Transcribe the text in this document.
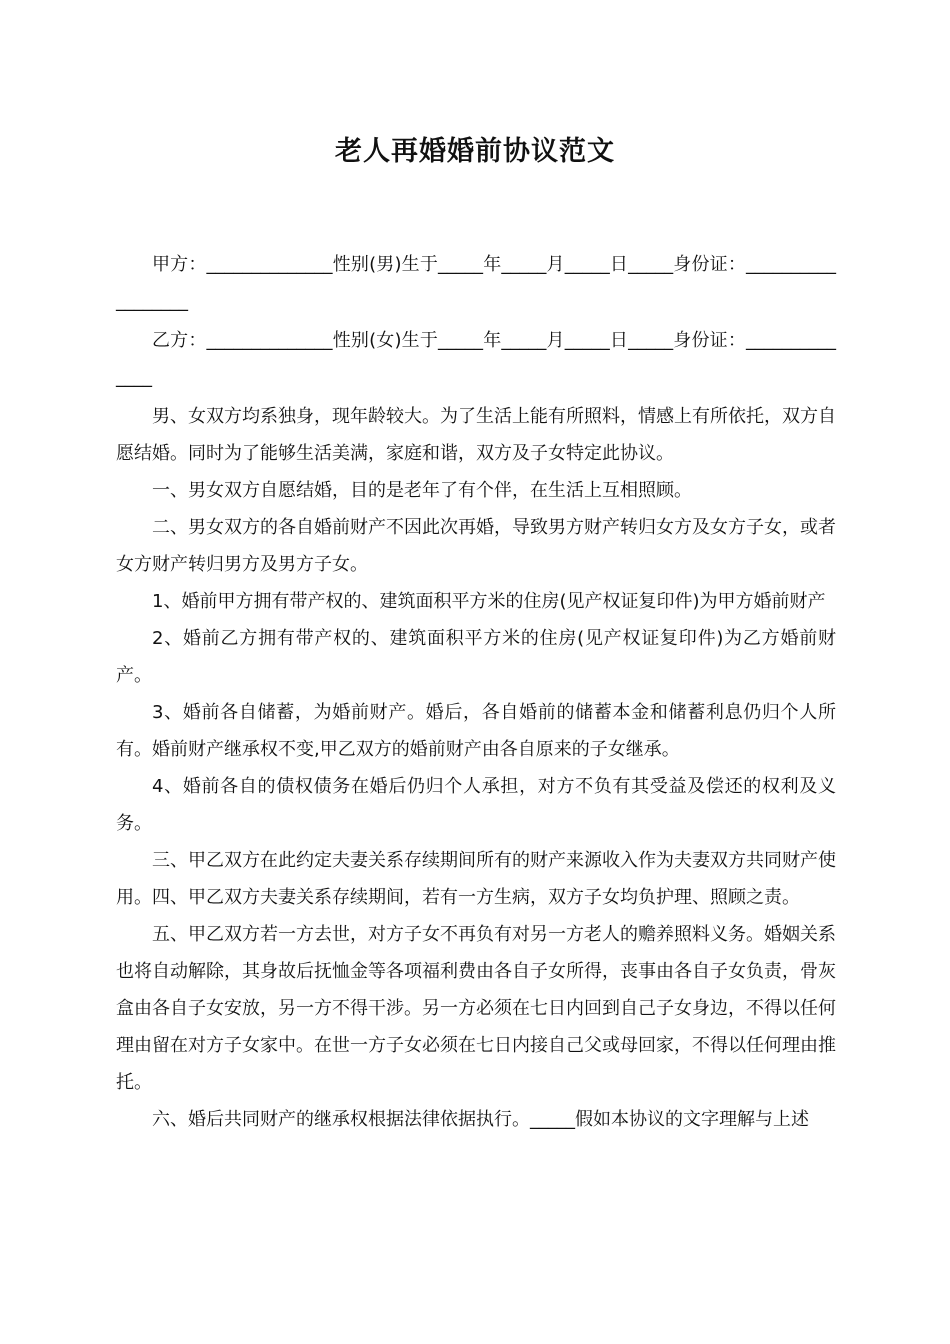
老人再婚婚前协议范文

甲方：______________性别(男)生于_____年_____月_____日_____身份证：__________________

乙方：______________性别(女)生于_____年_____月_____日_____身份证：______________

男、女双方均系独身，现年龄较大。为了生活上能有所照料，情感上有所依托，双方自愿结婚。同时为了能够生活美满，家庭和谐，双方及子女特定此协议。

一、男女双方自愿结婚，目的是老年了有个伴，在生活上互相照顾。

二、男女双方的各自婚前财产不因此次再婚，导致男方财产转归女方及女方子女，或者女方财产转归男方及男方子女。

1、婚前甲方拥有带产权的、建筑面积平方米的住房(见产权证复印件)为甲方婚前财产

2、婚前乙方拥有带产权的、建筑面积平方米的住房(见产权证复印件)为乙方婚前财产。

3、婚前各自储蓄，为婚前财产。婚后，各自婚前的储蓄本金和储蓄利息仍归个人所有。婚前财产继承权不变,甲乙双方的婚前财产由各自原来的子女继承。

4、婚前各自的债权债务在婚后仍归个人承担，对方不负有其受益及偿还的权利及义务。

三、甲乙双方在此约定夫妻关系存续期间所有的财产来源收入作为夫妻双方共同财产使用。四、甲乙双方夫妻关系存续期间，若有一方生病，双方子女均负护理、照顾之责。

五、甲乙双方若一方去世，对方子女不再负有对另一方老人的赡养照料义务。婚姻关系也将自动解除，其身故后抚恤金等各项福利费由各自子女所得，丧事由各自子女负责，骨灰盒由各自子女安放，另一方不得干涉。另一方必须在七日内回到自己子女身边，不得以任何理由留在对方子女家中。在世一方子女必须在七日内接自己父或母回家，不得以任何理由推托。

六、婚后共同财产的继承权根据法律依据执行。_____假如本协议的文字理解与上述
